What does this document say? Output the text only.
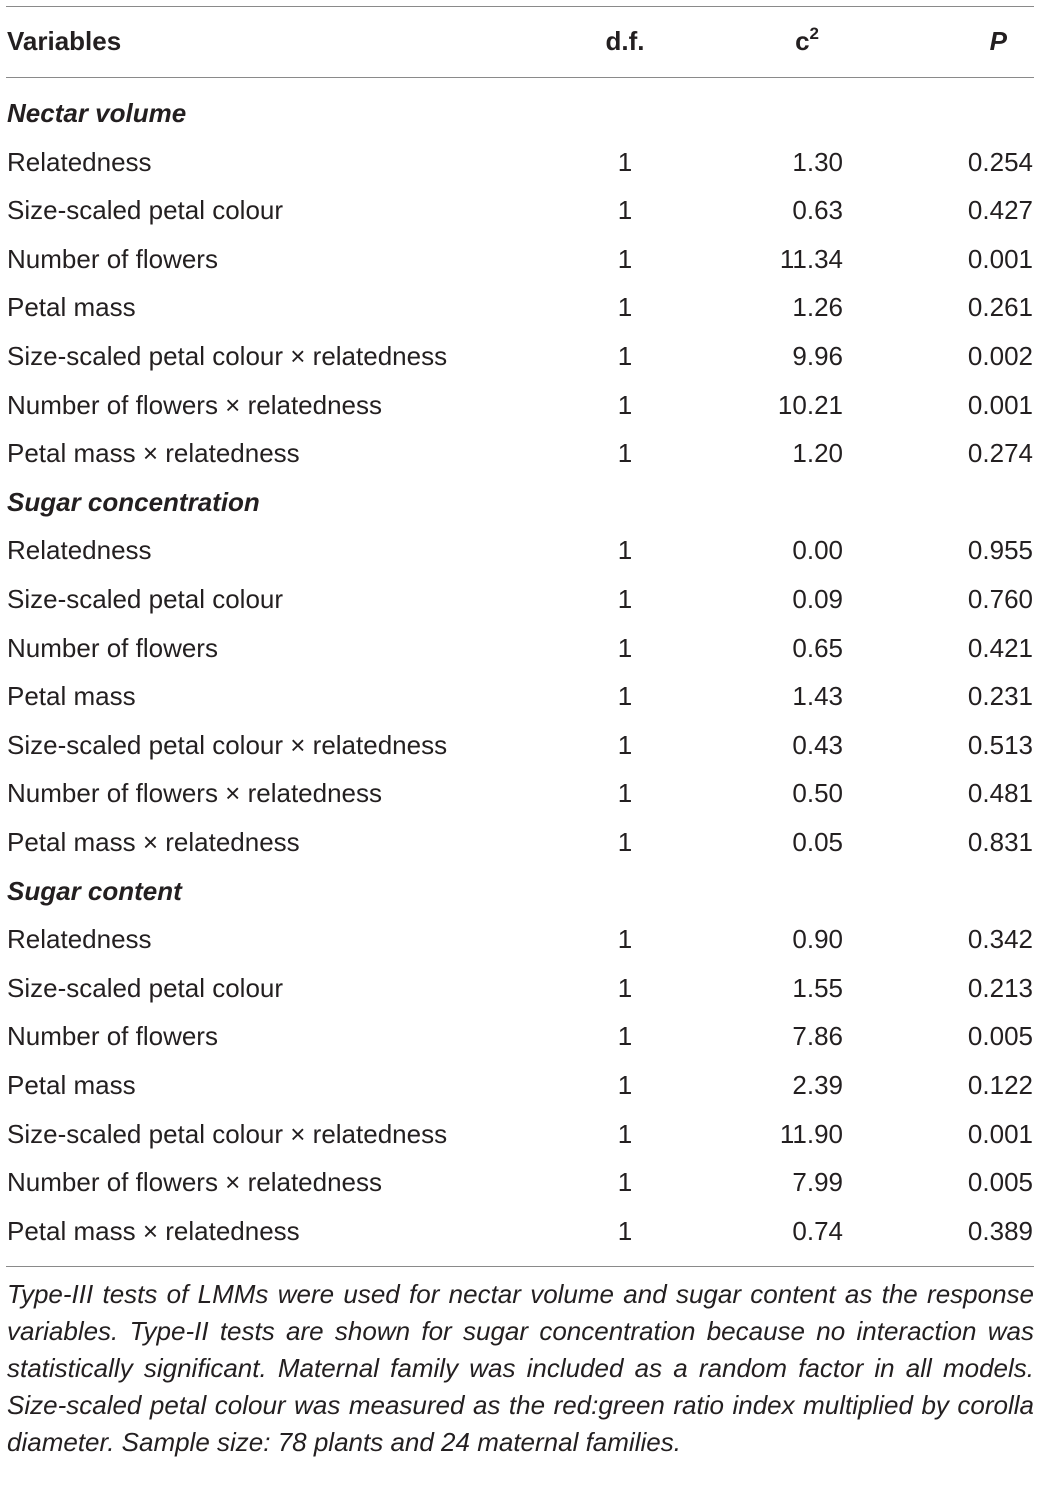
Variables	d.f.	$c^2$	P
Nectar volume
Relatedness	1	1.30	0.254
Size-scaled petal colour	1	0.63	0.427
Number of flowers	1	11.34	0.001
Petal mass	1	1.26	0.261
Size-scaled petal colour × relatedness	1	9.96	0.002
Number of flowers × relatedness	1	10.21	0.001
Petal mass × relatedness	1	1.20	0.274
Sugar concentration
Relatedness	1	0.00	0.955
Size-scaled petal colour	1	0.09	0.760
Number of flowers	1	0.65	0.421
Petal mass	1	1.43	0.231
Size-scaled petal colour × relatedness	1	0.43	0.513
Number of flowers × relatedness	1	0.50	0.481
Petal mass × relatedness	1	0.05	0.831
Sugar content
Relatedness	1	0.90	0.342
Size-scaled petal colour	1	1.55	0.213
Number of flowers	1	7.86	0.005
Petal mass	1	2.39	0.122
Size-scaled petal colour × relatedness	1	11.90	0.001
Number of flowers × relatedness	1	7.99	0.005
Petal mass × relatedness	1	0.74	0.389
Type-III tests of LMMs were used for nectar volume and sugar content as the response variables. Type-II tests are shown for sugar concentration because no interaction was statistically significant. Maternal family was included as a random factor in all models. Size-scaled petal colour was measured as the red:green ratio index multiplied by corolla diameter. Sample size: 78 plants and 24 maternal families.
